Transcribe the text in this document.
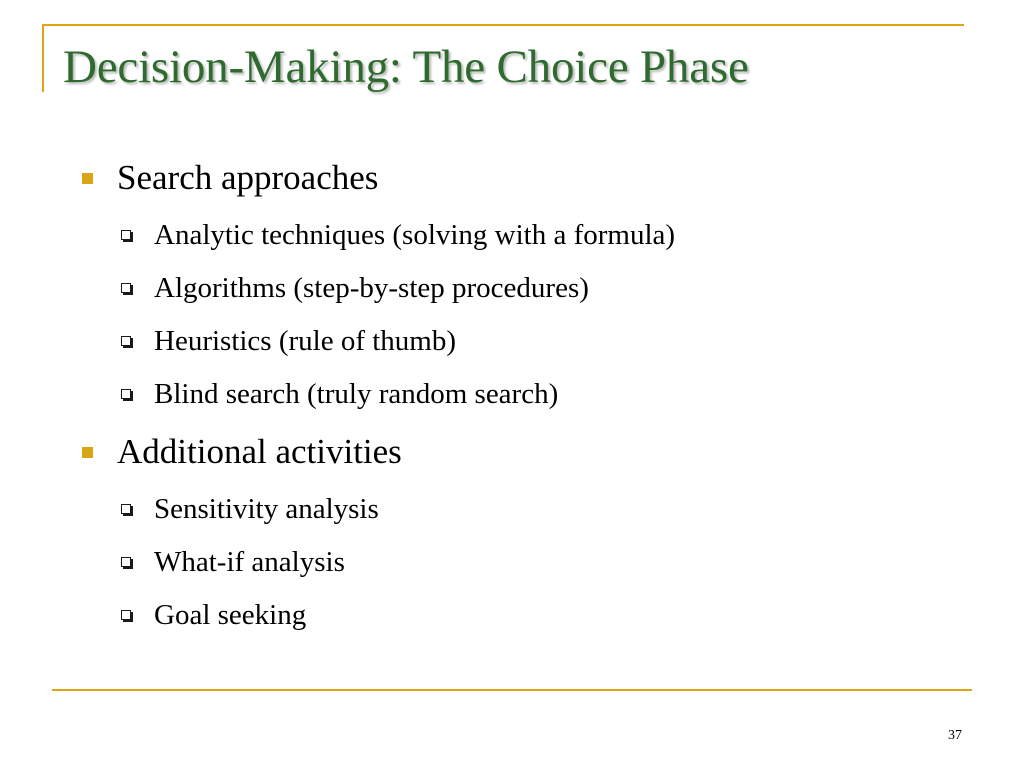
Decision-Making: The Choice Phase
Search approaches
Analytic techniques (solving with a formula)
Algorithms (step-by-step procedures)
Heuristics (rule of thumb)
Blind search (truly random search)
Additional activities
Sensitivity analysis
What-if analysis
Goal seeking
37
